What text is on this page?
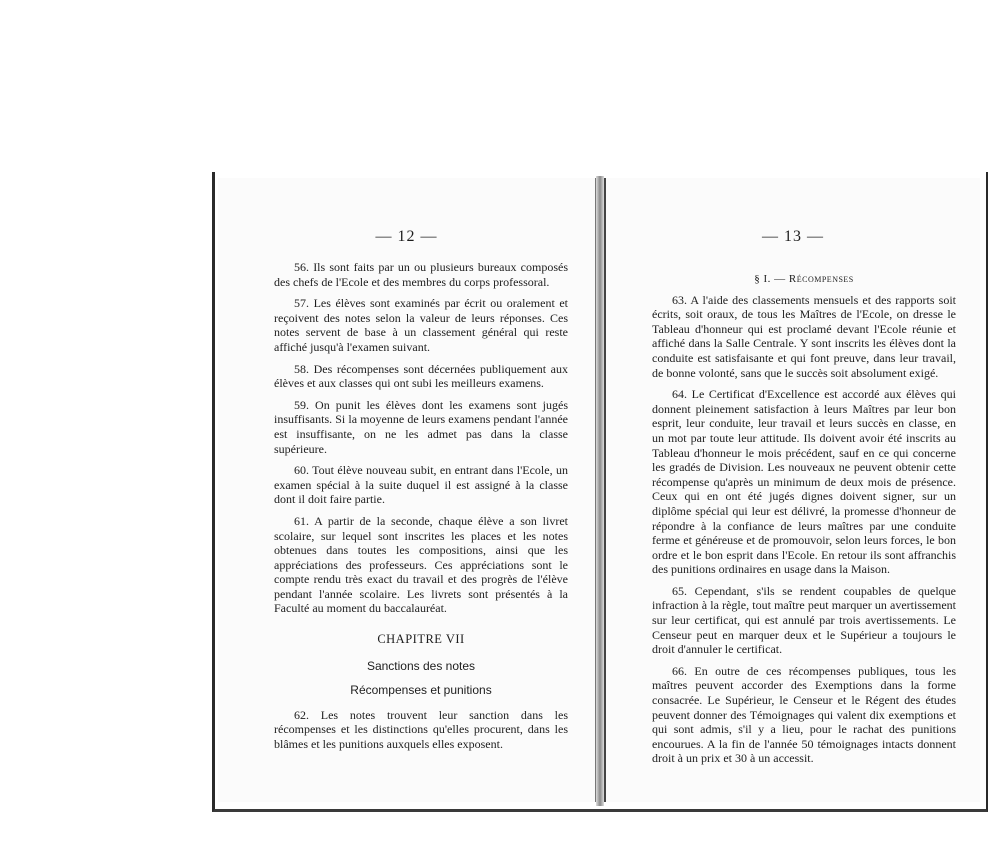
— 12 —

56. Ils sont faits par un ou plusieurs bureaux composés des chefs de l'Ecole et des membres du corps professoral.

57. Les élèves sont examinés par écrit ou oralement et reçoivent des notes selon la valeur de leurs réponses. Ces notes servent de base à un classement général qui reste affiché jusqu'à l'examen suivant.

58. Des récompenses sont décernées publiquement aux élèves et aux classes qui ont subi les meilleurs examens.

59. On punit les élèves dont les examens sont jugés insuffisants. Si la moyenne de leurs examens pendant l'année est insuffisante, on ne les admet pas dans la classe supérieure.

60. Tout élève nouveau subit, en entrant dans l'Ecole, un examen spécial à la suite duquel il est assigné à la classe dont il doit faire partie.

61. A partir de la seconde, chaque élève a son livret scolaire, sur lequel sont inscrites les places et les notes obtenues dans toutes les compositions, ainsi que les appréciations des professeurs. Ces appréciations sont le compte rendu très exact du travail et des progrès de l'élève pendant l'année scolaire. Les livrets sont présentés à la Faculté au moment du baccalauréat.

CHAPITRE VII
Sanctions des notes
Récompenses et punitions

62. Les notes trouvent leur sanction dans les récompenses et les distinctions qu'elles procurent, dans les blâmes et les punitions auxquels elles exposent.

— 13 —
§ I. — Récompenses

63. A l'aide des classements mensuels et des rapports soit écrits, soit oraux, de tous les Maîtres de l'Ecole, on dresse le Tableau d'honneur qui est proclamé devant l'Ecole réunie et affiché dans la Salle Centrale. Y sont inscrits les élèves dont la conduite est satisfaisante et qui font preuve, dans leur travail, de bonne volonté, sans que le succès soit absolument exigé.

64. Le Certificat d'Excellence est accordé aux élèves qui donnent pleinement satisfaction à leurs Maîtres par leur bon esprit, leur conduite, leur travail et leurs succès en classe, en un mot par toute leur attitude. Ils doivent avoir été inscrits au Tableau d'honneur le mois précédent, sauf en ce qui concerne les gradés de Division. Les nouveaux ne peuvent obtenir cette récompense qu'après un minimum de deux mois de présence. Ceux qui en ont été jugés dignes doivent signer, sur un diplôme spécial qui leur est délivré, la promesse d'honneur de répondre à la confiance de leurs maîtres par une conduite ferme et généreuse et de promouvoir, selon leurs forces, le bon ordre et le bon esprit dans l'Ecole. En retour ils sont affranchis des punitions ordinaires en usage dans la Maison.

65. Cependant, s'ils se rendent coupables de quelque infraction à la règle, tout maître peut marquer un avertissement sur leur certificat, qui est annulé par trois avertissements. Le Censeur peut en marquer deux et le Supérieur a toujours le droit d'annuler le certificat.

66. En outre de ces récompenses publiques, tous les maîtres peuvent accorder des Exemptions dans la forme consacrée. Le Supérieur, le Censeur et le Régent des études peuvent donner des Témoignages qui valent dix exemptions et qui sont admis, s'il y a lieu, pour le rachat des punitions encourues. A la fin de l'année 50 témoignages intacts donnent droit à un prix et 30 à un accessit.
